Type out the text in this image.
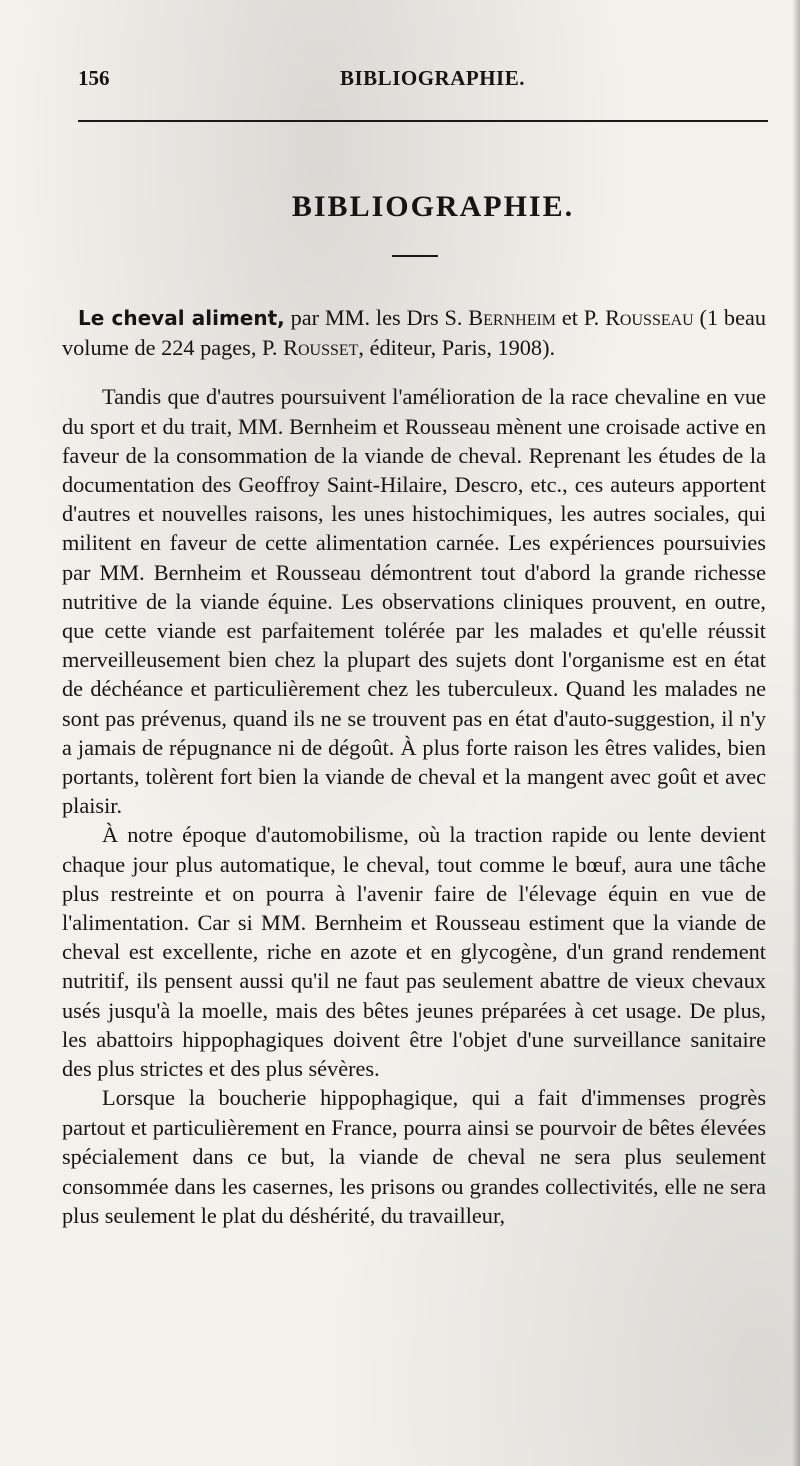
156	BIBLIOGRAPHIE.
BIBLIOGRAPHIE.

Le cheval aliment, par MM. les Drs S. Bernheim et P. Rousseau (1 beau volume de 224 pages, P. Rousset, éditeur, Paris, 1908).

Tandis que d'autres poursuivent l'amélioration de la race chevaline en vue du sport et du trait, MM. Bernheim et Rousseau mènent une croisade active en faveur de la consommation de la viande de cheval. Reprenant les études de la documentation des Geoffroy Saint-Hilaire, Descro, etc., ces auteurs apportent d'autres et nouvelles raisons, les unes histochimiques, les autres sociales, qui militent en faveur de cette alimentation carnée. Les expériences poursuivies par MM. Bernheim et Rousseau démontrent tout d'abord la grande richesse nutritive de la viande équine. Les observations cliniques prouvent, en outre, que cette viande est parfaitement tolérée par les malades et qu'elle réussit merveilleusement bien chez la plupart des sujets dont l'organisme est en état de déchéance et particulièrement chez les tuberculeux. Quand les malades ne sont pas prévenus, quand ils ne se trouvent pas en état d'auto-suggestion, il n'y a jamais de répugnance ni de dégoût. À plus forte raison les êtres valides, bien portants, tolèrent fort bien la viande de cheval et la mangent avec goût et avec plaisir.

À notre époque d'automobilisme, où la traction rapide ou lente devient chaque jour plus automatique, le cheval, tout comme le bœuf, aura une tâche plus restreinte et on pourra à l'avenir faire de l'élevage équin en vue de l'alimentation. Car si MM. Bernheim et Rousseau estiment que la viande de cheval est excellente, riche en azote et en glycogène, d'un grand rendement nutritif, ils pensent aussi qu'il ne faut pas seulement abattre de vieux chevaux usés jusqu'à la moelle, mais des bêtes jeunes préparées à cet usage. De plus, les abattoirs hippophagiques doivent être l'objet d'une surveillance sanitaire des plus strictes et des plus sévères.

Lorsque la boucherie hippophagique, qui a fait d'immenses progrès partout et particulièrement en France, pourra ainsi se pourvoir de bêtes élevées spécialement dans ce but, la viande de cheval ne sera plus seulement consommée dans les casernes, les prisons ou grandes collectivités, elle ne sera plus seulement le plat du déshérité, du travailleur,
